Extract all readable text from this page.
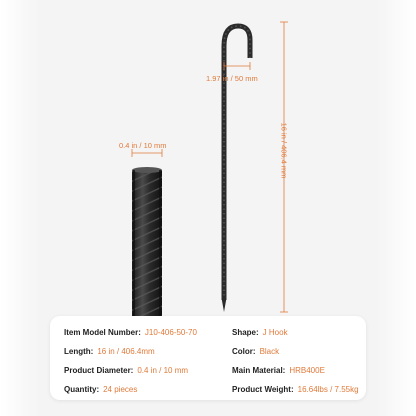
0.4 in / 10 mm
1.97 in / 50 mm
16 in / 406.4 mm
Item Model Number: J10-406-50-70
Length: 16 in / 406.4mm
Product Diameter: 0.4 in / 10 mm
Quantity: 24 pieces
Shape: J Hook
Color: Black
Main Material: HRB400E
Product Weight: 16.64lbs / 7.55kg
